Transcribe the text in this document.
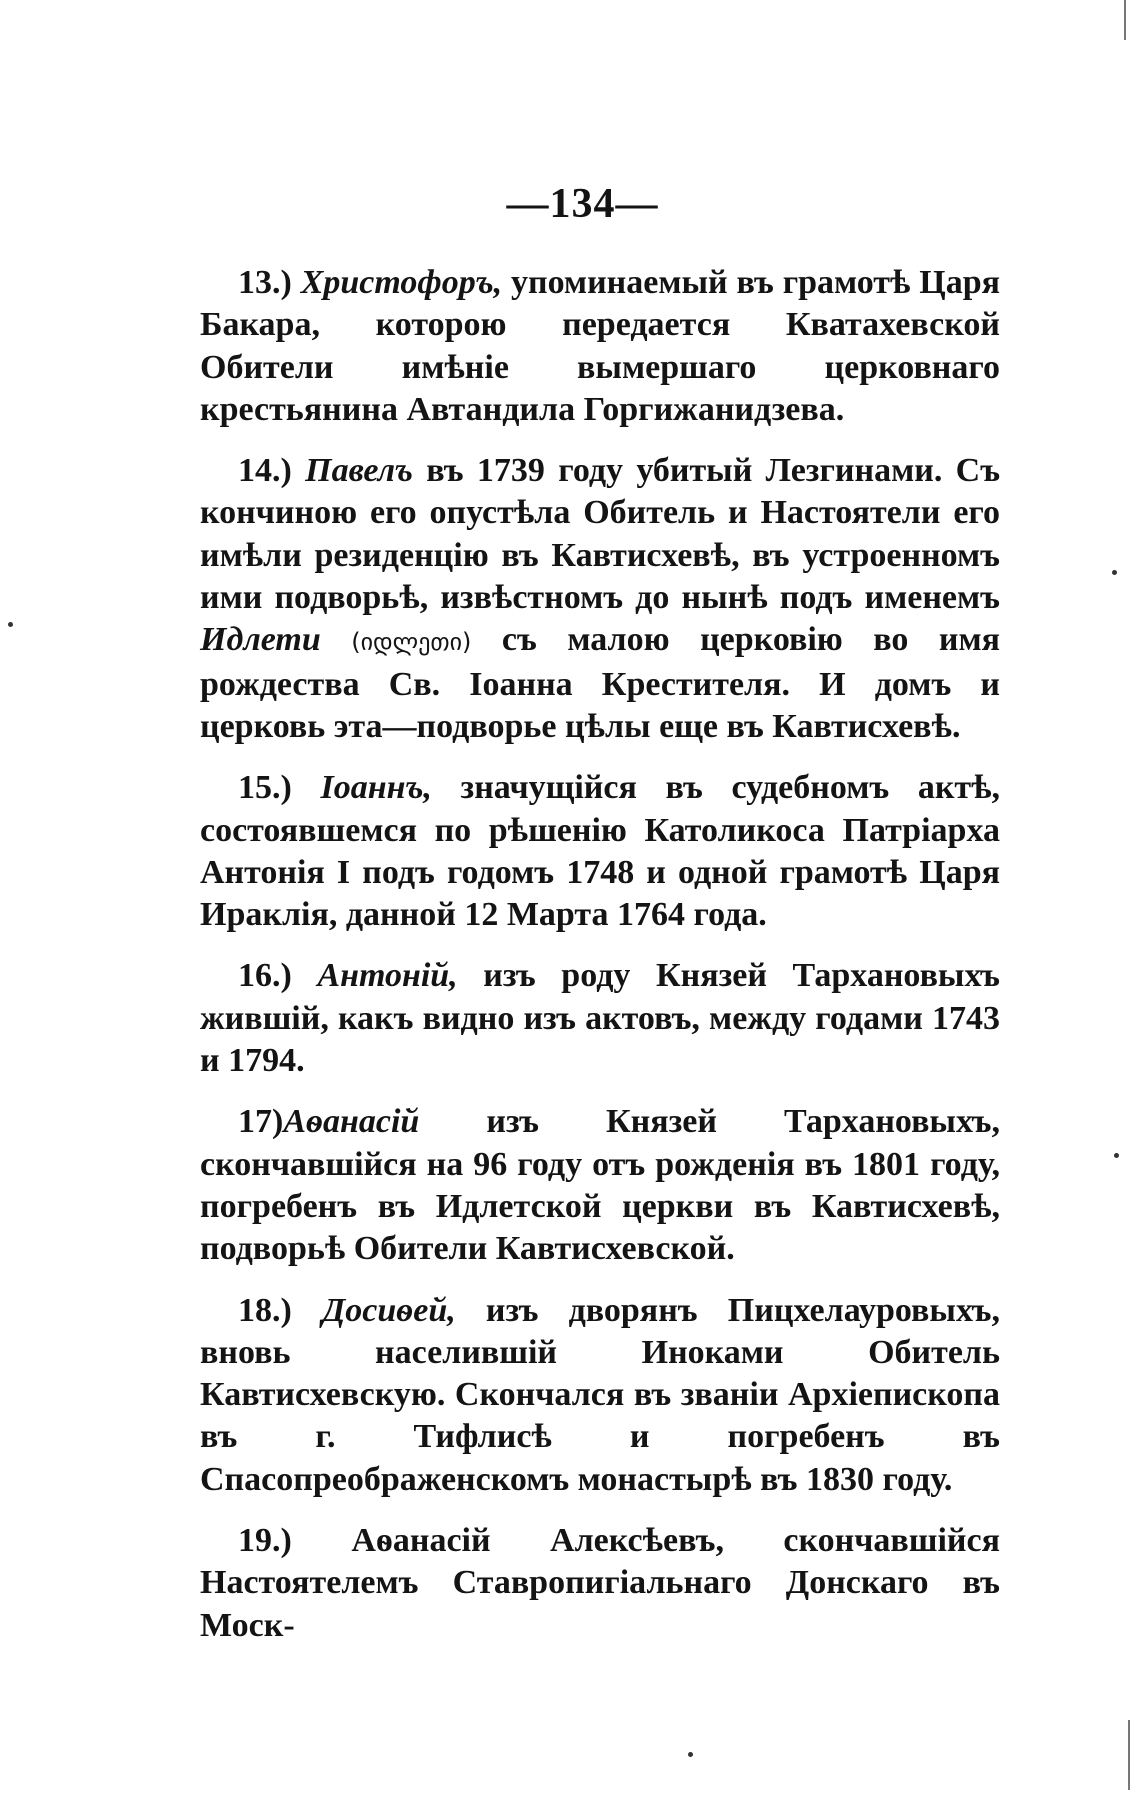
—134—

13.) Христофоръ, упоминаемый въ грамотѣ Царя Бакара, которою передается Кватахевской Обители имѣніе вымершаго церковнаго крестьянина Автандила Горгижанидзева.

14.) Павелъ въ 1739 году убитый Лезгинами. Съ кончиною его опустѣла Обитель и Настоятели его имѣли резиденцію въ Кавтисхевѣ, въ устроенномъ ими подворьѣ, извѣстномъ до нынѣ подъ именемъ Идлети (იდლეთი) съ малою церковію во имя рождества Св. Іоанна Крестителя. И домъ и церковь эта—подворье цѣлы еще въ Кавтисхевѣ.

15.) Іоаннъ, значущійся въ судебномъ актѣ, состоявшемся по рѣшенію Католикоса Патріарха Антонія I подъ годомъ 1748 и одной грамотѣ Царя Ираклія, данной 12 Марта 1764 года.

16.) Антоній, изъ роду Князей Тархановыхъ жившій, какъ видно изъ актовъ, между годами 1743 и 1794.

17)Аѳанасій изъ Князей Тархановыхъ, скончавшійся на 96 году отъ рожденія въ 1801 году, погребенъ въ Идлетской церкви въ Кавтисхевѣ, подворьѣ Обители Кавтисхевской.

18.) Досиѳей, изъ дворянъ Пицхелауровыхъ, вновь населившій Иноками Обитель Кавтисхевскую. Скончался въ званіи Архіепископа въ г. Тифлисѣ и погребенъ въ Спасопреображенскомъ монастырѣ въ 1830 году.

19.) Аѳанасій Алексѣевъ, скончавшійся Настоятелемъ Ставропигіальнаго Донскаго въ Моск-
